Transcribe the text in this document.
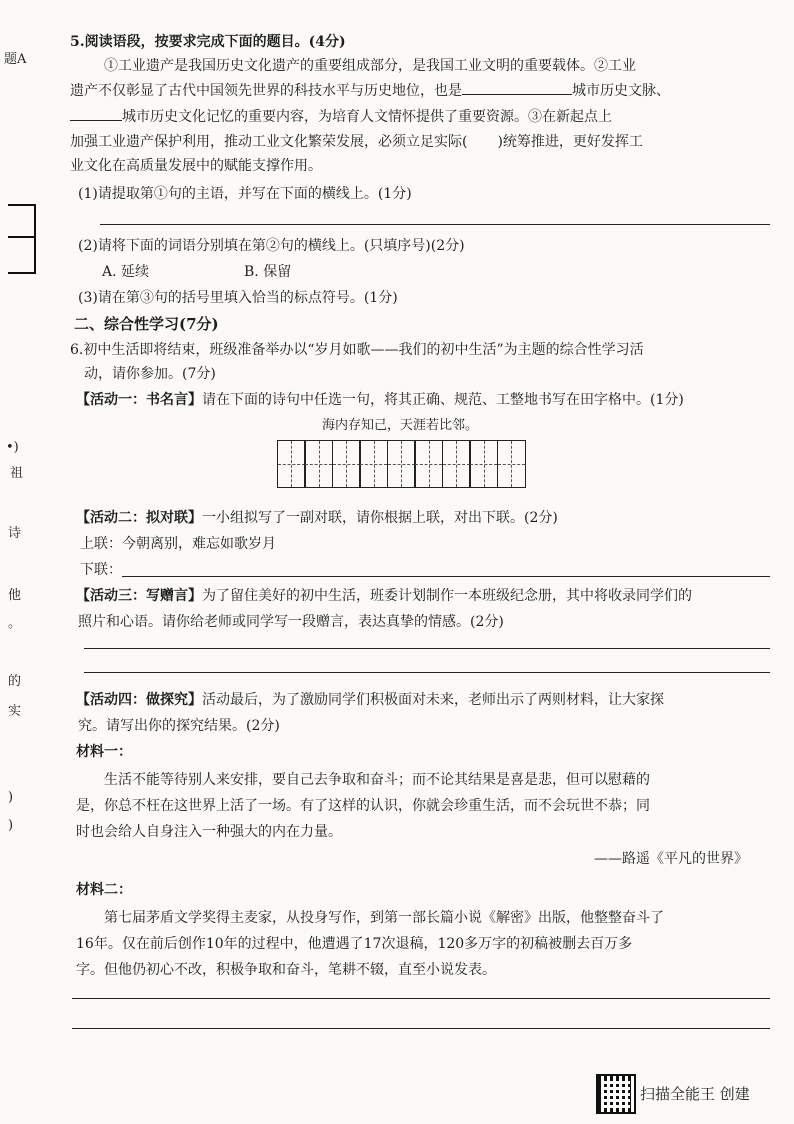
题A
•)
祖
诗
他
。
的
实
)
)
5.阅读语段，按要求完成下面的题目。(4分)
①工业遗产是我国历史文化遗产的重要组成部分，是我国工业文明的重要载体。②工业
遗产不仅彰显了古代中国领先世界的科技水平与历史地位，也是	城市历史文脉、
城市历史文化记忆的重要内容，为培育人文情怀提供了重要资源。③在新起点上
加强工业遗产保护利用，推动工业文化繁荣发展，必须立足实际( )统筹推进，更好发挥工
业文化在高质量发展中的赋能支撑作用。
(1)请提取第①句的主语，并写在下面的横线上。(1分)
(2)请将下面的词语分别填在第②句的横线上。(只填序号)(2分)
A. 延续	B. 保留
(3)请在第③句的括号里填入恰当的标点符号。(1分)
二、综合性学习(7分)
6.初中生活即将结束，班级准备举办以“岁月如歌——我们的初中生活”为主题的综合性学习活
动，请你参加。(7分)
【活动一：书名言】请在下面的诗句中任选一句，将其正确、规范、工整地书写在田字格中。(1分)
海内存知己，天涯若比邻。
【活动二：拟对联】一小组拟写了一副对联，请你根据上联，对出下联。(2分)
上联：今朝离别，难忘如歌岁月
下联：
【活动三：写赠言】为了留住美好的初中生活，班委计划制作一本班级纪念册，其中将收录同学们的
照片和心语。请你给老师或同学写一段赠言，表达真挚的情感。(2分)
【活动四：做探究】活动最后，为了激励同学们积极面对未来，老师出示了两则材料，让大家探
究。请写出你的探究结果。(2分)
材料一：
生活不能等待别人来安排，要自己去争取和奋斗；而不论其结果是喜是悲，但可以慰藉的
是，你总不枉在这世界上活了一场。有了这样的认识，你就会珍重生活，而不会玩世不恭；同
时也会给人自身注入一种强大的内在力量。
——路遥《平凡的世界》
材料二：
第七届茅盾文学奖得主麦家，从投身写作，到第一部长篇小说《解密》出版，他整整奋斗了
16年。仅在前后创作10年的过程中，他遭遇了17次退稿，120多万字的初稿被删去百万多
字。但他仍初心不改，积极争取和奋斗，笔耕不辍，直至小说发表。
扫描全能王 创建
